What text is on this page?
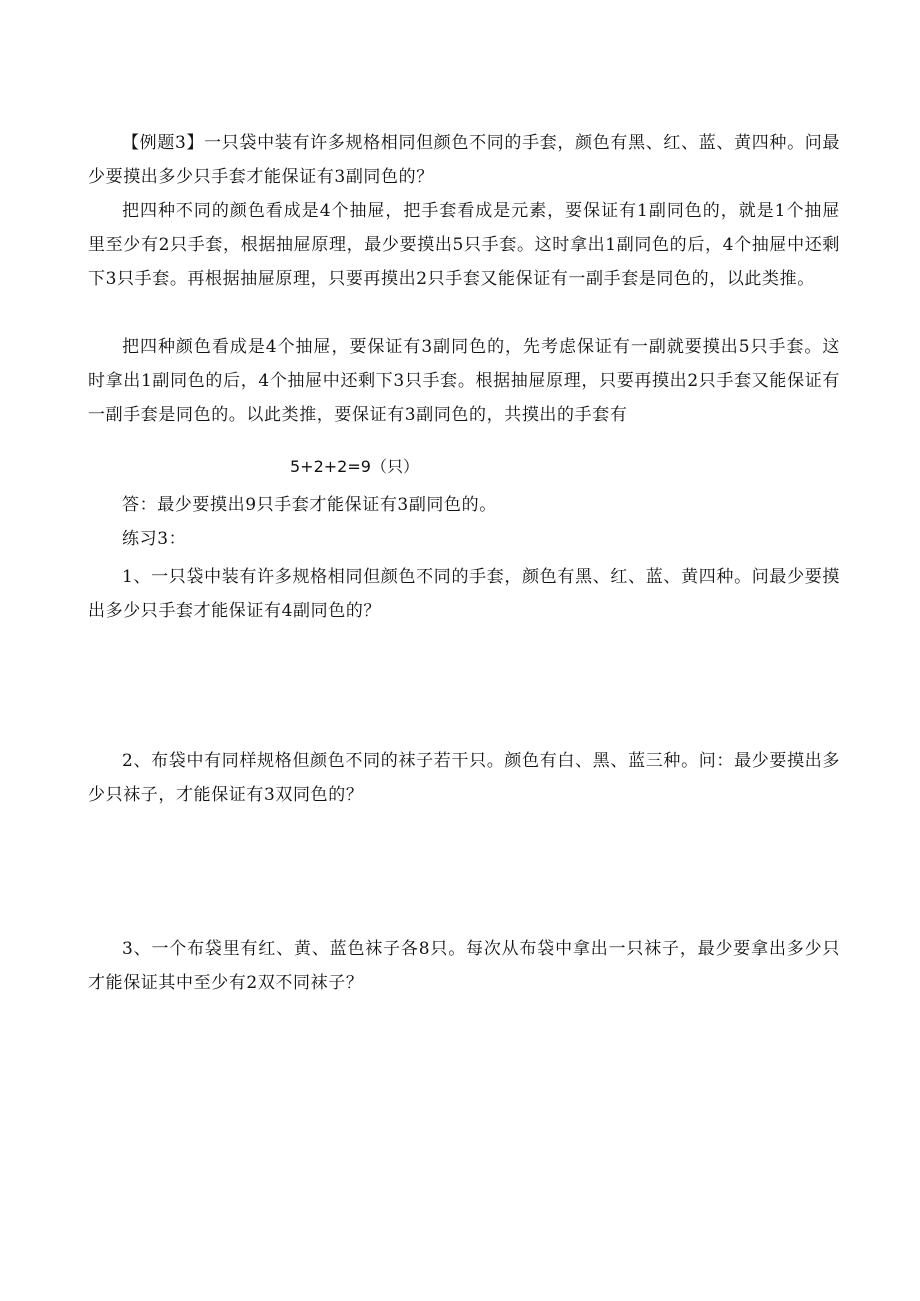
【例题3】一只袋中装有许多规格相同但颜色不同的手套，颜色有黑、红、蓝、黄四种。问最少要摸出多少只手套才能保证有3副同色的？

把四种不同的颜色看成是4个抽屉，把手套看成是元素，要保证有1副同色的，就是1个抽屉里至少有2只手套，根据抽屉原理，最少要摸出5只手套。这时拿出1副同色的后，4个抽屉中还剩下3只手套。再根据抽屉原理，只要再摸出2只手套又能保证有一副手套是同色的，以此类推。

把四种颜色看成是4个抽屉，要保证有3副同色的，先考虑保证有一副就要摸出5只手套。这时拿出1副同色的后，4个抽屉中还剩下3只手套。根据抽屉原理，只要再摸出2只手套又能保证有一副手套是同色的。以此类推，要保证有3副同色的，共摸出的手套有

5+2+2=9（只）

答：最少要摸出9只手套才能保证有3副同色的。

练习3：

1、一只袋中装有许多规格相同但颜色不同的手套，颜色有黑、红、蓝、黄四种。问最少要摸出多少只手套才能保证有4副同色的？

2、布袋中有同样规格但颜色不同的袜子若干只。颜色有白、黑、蓝三种。问：最少要摸出多少只袜子，才能保证有3双同色的？

3、一个布袋里有红、黄、蓝色袜子各8只。每次从布袋中拿出一只袜子，最少要拿出多少只才能保证其中至少有2双不同袜子？
